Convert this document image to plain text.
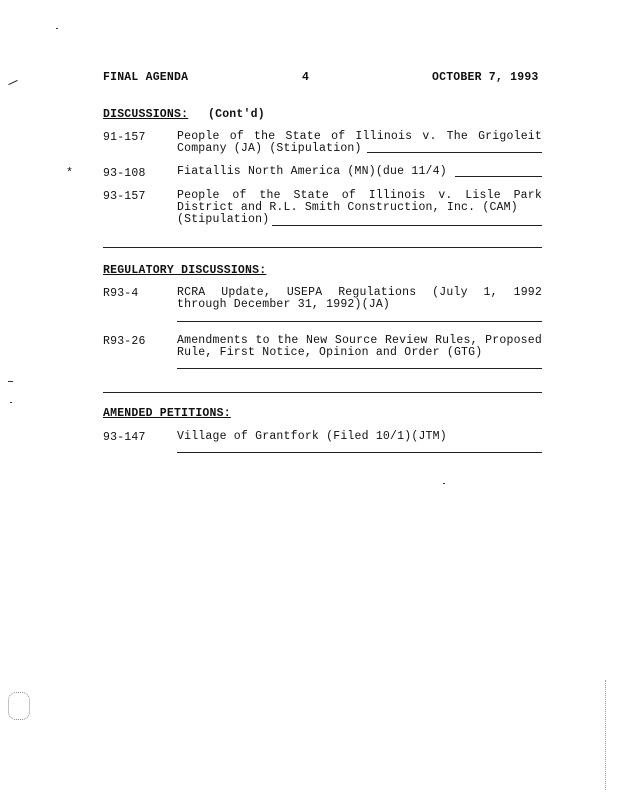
FINAL AGENDA	4	OCTOBER 7, 1993
DISCUSSIONS: (Cont'd)
91-157	People of the State of Illinois v. The Grigoleit
Company (JA) (Stipulation)
*	93-108	Fiatallis North America (MN)(due 11/4)
93-157	People of the State of Illinois v. Lisle Park
District and R.L. Smith Construction, Inc. (CAM)
(Stipulation)
REGULATORY DISCUSSIONS:
R93-4	RCRA Update, USEPA Regulations (July 1, 1992
through December 31, 1992)(JA)
R93-26	Amendments to the New Source Review Rules, Proposed
Rule, First Notice, Opinion and Order (GTG)
AMENDED PETITIONS:
93-147	Village of Grantfork (Filed 10/1)(JTM)
